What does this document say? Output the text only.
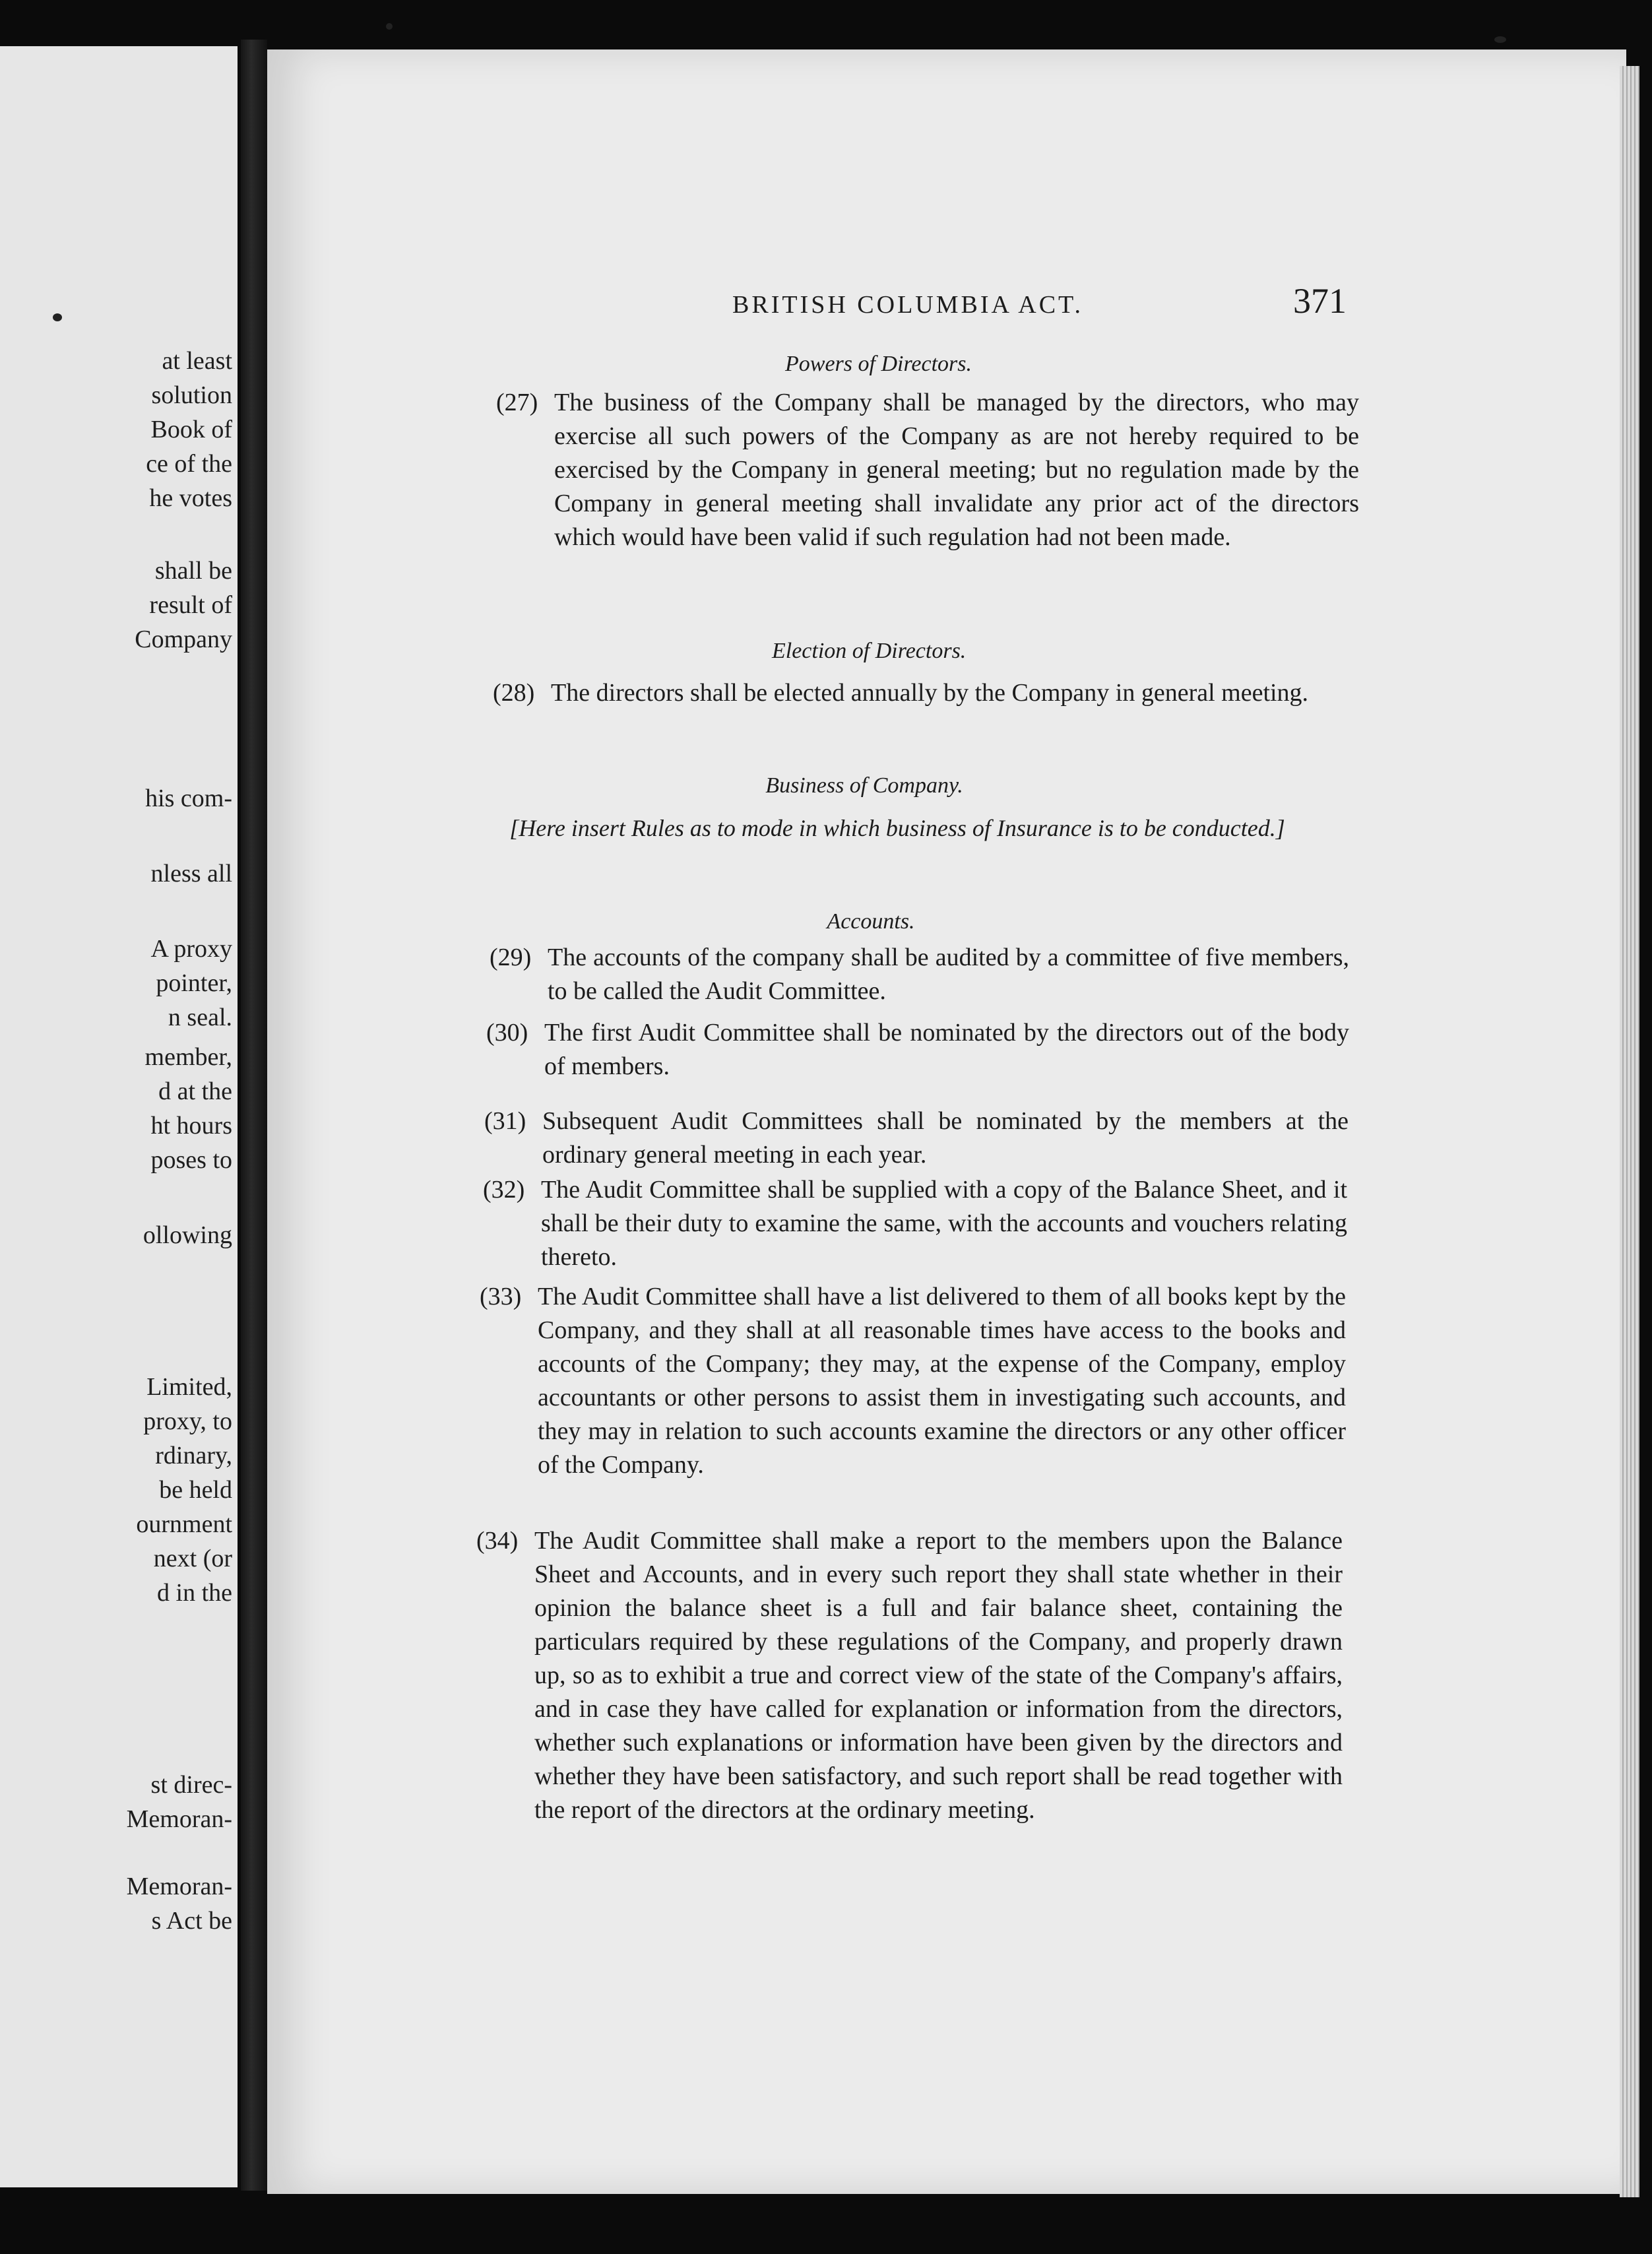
at least
solution
Book of
ce of the
he votes
shall be
result of
Company
his com-
nless all
A proxy
pointer,
n seal.
member,
d at the
ht hours
poses to
ollowing
Limited,
proxy, to
rdinary,
be held
ournment
next (or
d in the
st direc-
Memoran-
Memoran-
s Act be
BRITISH COLUMBIA ACT.	371
Powers of Directors.
(27) The business of the Company shall be managed by the directors, who may exercise all such powers of the Company as are not hereby required to be exercised by the Company in general meeting; but no regulation made by the Company in general meeting shall invalidate any prior act of the directors which would have been valid if such regulation had not been made.
Election of Directors.
(28) The directors shall be elected annually by the Company in general meeting.
Business of Company.
[Here insert Rules as to mode in which business of Insurance is to be conducted.]
Accounts.
(29) The accounts of the company shall be audited by a committee of five members, to be called the Audit Committee.
(30) The first Audit Committee shall be nominated by the directors out of the body of members.
(31) Subsequent Audit Committees shall be nominated by the members at the ordinary general meeting in each year.
(32) The Audit Committee shall be supplied with a copy of the Balance Sheet, and it shall be their duty to examine the same, with the accounts and vouchers relating thereto.
(33) The Audit Committee shall have a list delivered to them of all books kept by the Company, and they shall at all reasonable times have access to the books and accounts of the Company; they may, at the expense of the Company, employ accountants or other persons to assist them in investigating such accounts, and they may in relation to such accounts examine the directors or any other officer of the Company.
(34) The Audit Committee shall make a report to the members upon the Balance Sheet and Accounts, and in every such report they shall state whether in their opinion the balance sheet is a full and fair balance sheet, containing the particulars required by these regulations of the Company, and properly drawn up, so as to exhibit a true and correct view of the state of the Company's affairs, and in case they have called for explanation or information from the directors, whether such explanations or information have been given by the directors and whether they have been satisfactory, and such report shall be read together with the report of the directors at the ordinary meeting.
